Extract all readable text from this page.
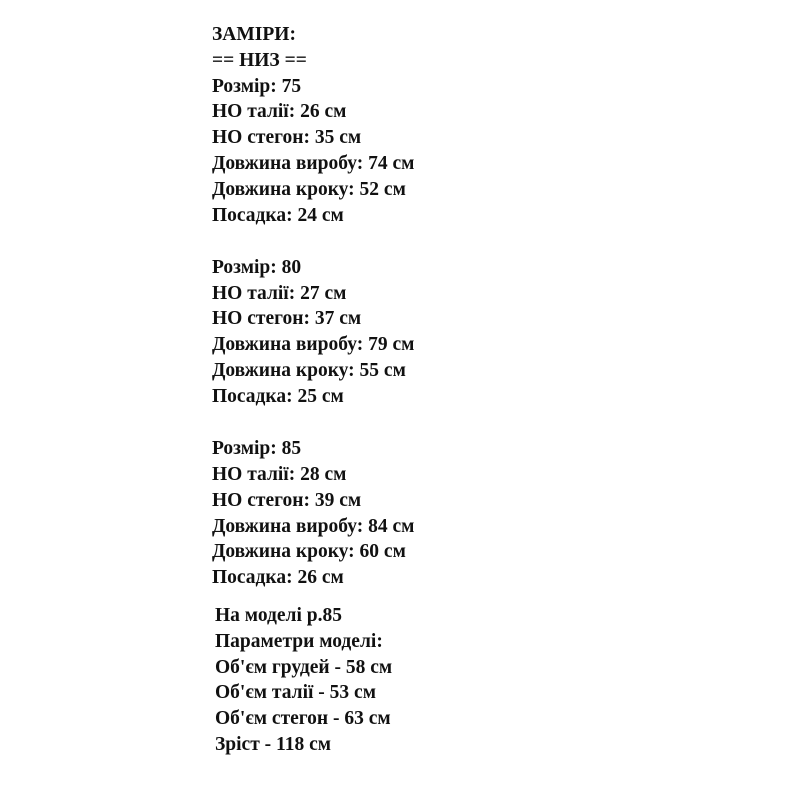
ЗАМІРИ:
== НИЗ ==
Розмір: 75
НО талії: 26 см
НО стегон: 35 см
Довжина виробу: 74 см
Довжина кроку: 52 см
Посадка: 24 см
Розмір: 80
НО талії: 27 см
НО стегон: 37 см
Довжина виробу: 79 см
Довжина кроку: 55 см
Посадка: 25 см
Розмір: 85
НО талії: 28 см
НО стегон: 39 см
Довжина виробу: 84 см
Довжина кроку: 60 см
Посадка: 26 см
На моделі р.85
Параметри моделі:
Об'єм грудей - 58 см
Об'єм талії - 53 см
Об'єм стегон - 63 см
Зріст - 118 см
